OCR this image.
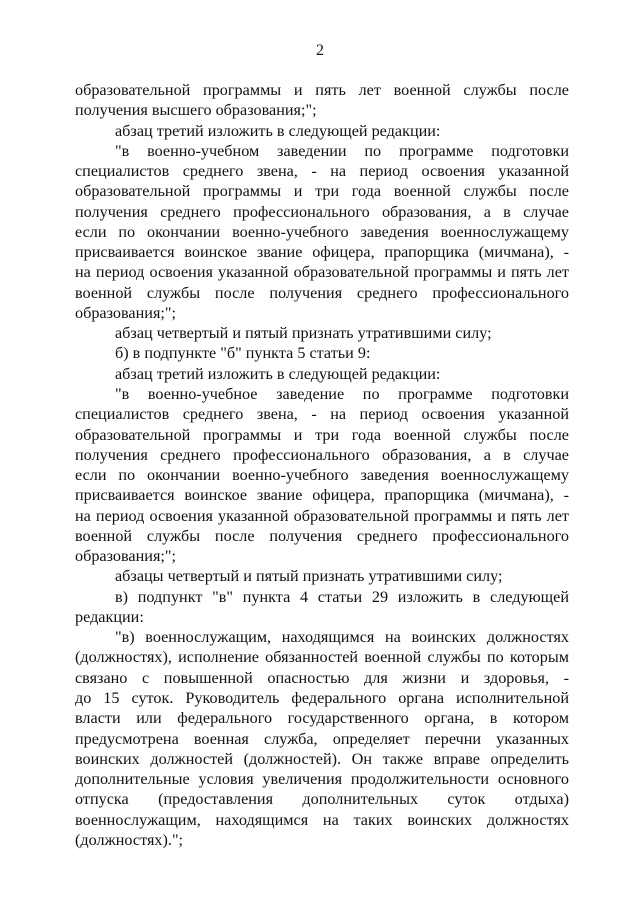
2
образовательной программы и пять лет военной службы после
получения высшего образования;";
абзац третий изложить в следующей редакции:
"в военно-учебном заведении по программе подготовки
специалистов среднего звена, - на период освоения указанной
образовательной программы и три года военной службы после
получения среднего профессионального образования, а в случае
если по окончании военно-учебного заведения военнослужащему
присваивается воинское звание офицера, прапорщика (мичмана), -
на период освоения указанной образовательной программы и пять лет
военной службы после получения среднего профессионального
образования;";
абзац четвертый и пятый признать утратившими силу;
б) в подпункте "б" пункта 5 статьи 9:
абзац третий изложить в следующей редакции:
"в военно-учебное заведение по программе подготовки
специалистов среднего звена, - на период освоения указанной
образовательной программы и три года военной службы после
получения среднего профессионального образования, а в случае
если по окончании военно-учебного заведения военнослужащему
присваивается воинское звание офицера, прапорщика (мичмана), -
на период освоения указанной образовательной программы и пять лет
военной службы после получения среднего профессионального
образования;";
абзацы четвертый и пятый признать утратившими силу;
в) подпункт "в" пункта 4 статьи 29 изложить в следующей
редакции:
"в) военнослужащим, находящимся на воинских должностях
(должностях), исполнение обязанностей военной службы по которым
связано с повышенной опасностью для жизни и здоровья, -
до 15 суток. Руководитель федерального органа исполнительной
власти или федерального государственного органа, в котором
предусмотрена военная служба, определяет перечни указанных
воинских должностей (должностей). Он также вправе определить
дополнительные условия увеличения продолжительности основного
отпуска (предоставления дополнительных суток отдыха)
военнослужащим, находящимся на таких воинских должностях
(должностях).";
